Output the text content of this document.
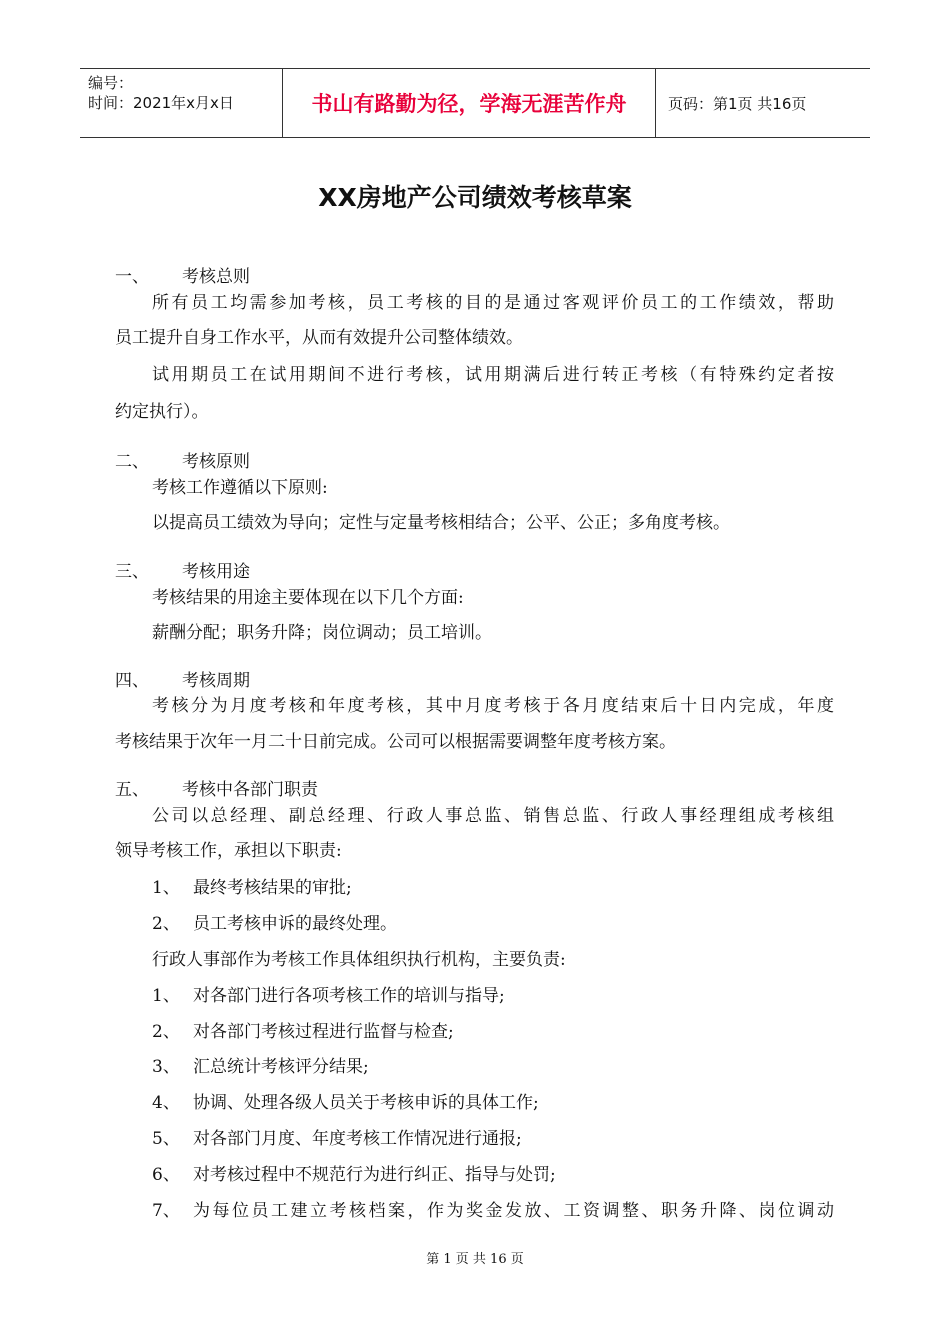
编号：
时间：2021年x月x日	书山有路勤为径，学海无涯苦作舟	页码：第1页 共16页
XX房地产公司绩效考核草案
一、 考核总则
所有员工均需参加考核，员工考核的目的是通过客观评价员工的工作绩效，帮助
员工提升自身工作水平，从而有效提升公司整体绩效。
试用期员工在试用期间不进行考核，试用期满后进行转正考核（有特殊约定者按
约定执行）。
二、 考核原则
考核工作遵循以下原则:
以提高员工绩效为导向；定性与定量考核相结合；公平、公正；多角度考核。
三、 考核用途
考核结果的用途主要体现在以下几个方面:
薪酬分配；职务升降；岗位调动；员工培训。
四、 考核周期
考核分为月度考核和年度考核，其中月度考核于各月度结束后十日内完成，年度
考核结果于次年一月二十日前完成。公司可以根据需要调整年度考核方案。
五、 考核中各部门职责
公司以总经理、副总经理、行政人事总监、销售总监、行政人事经理组成考核组
领导考核工作，承担以下职责:
1、 最终考核结果的审批;
2、 员工考核申诉的最终处理。
行政人事部作为考核工作具体组织执行机构，主要负责:
1、 对各部门进行各项考核工作的培训与指导;
2、 对各部门考核过程进行监督与检查;
3、 汇总统计考核评分结果;
4、 协调、处理各级人员关于考核申诉的具体工作;
5、 对各部门月度、年度考核工作情况进行通报;
6、 对考核过程中不规范行为进行纠正、指导与处罚;
7、 为每位员工建立考核档案，作为奖金发放、工资调整、职务升降、岗位调动
第 1 页 共 16 页
